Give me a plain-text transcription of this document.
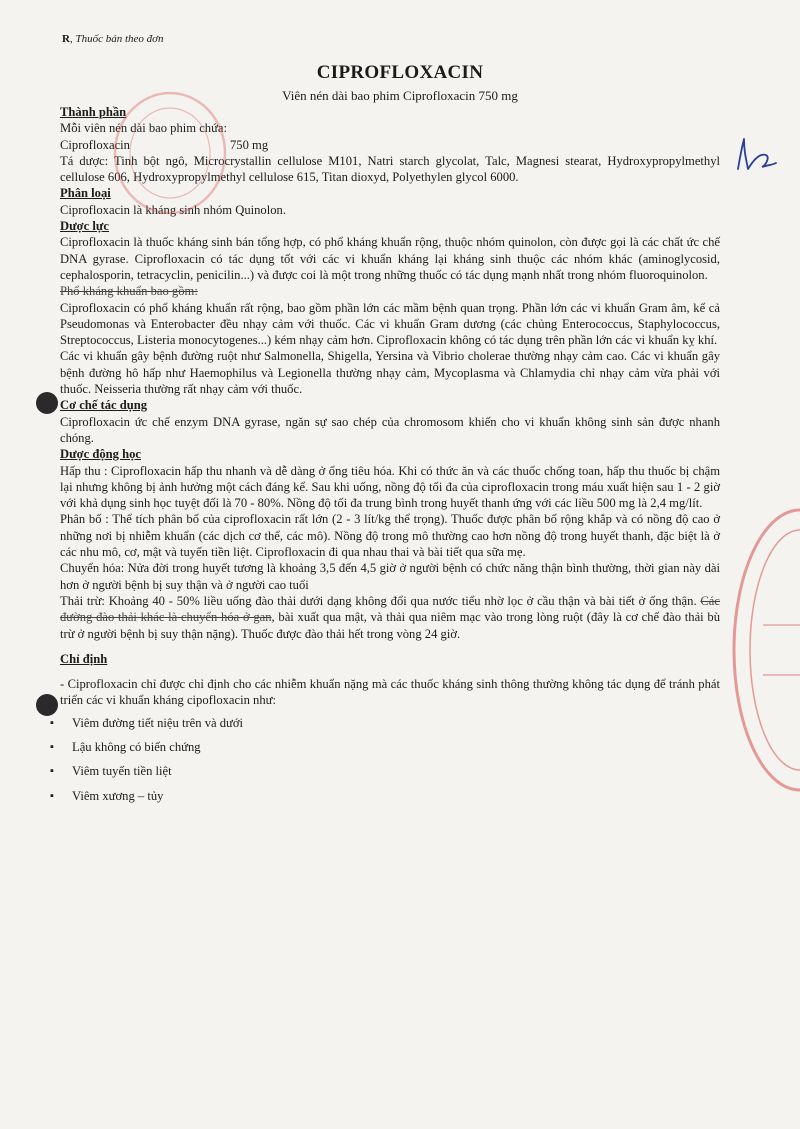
R, Thuốc bán theo đơn
CIPROFLOXACIN
Viên nén dài bao phim Ciprofloxacin 750 mg

Thành phần

Mỗi viên nén dài bao phim chứa:

Ciprofloxacin	750 mg

Tá dược: Tinh bột ngô, Microcrystallin cellulose M101, Natri starch glycolat, Talc, Magnesi stearat, Hydroxypropylmethyl cellulose 606, Hydroxypropylmethyl cellulose 615, Titan dioxyd, Polyethylen glycol 6000.

Phân loại

Ciprofloxacin là kháng sinh nhóm Quinolon.

Dược lực

Ciprofloxacin là thuốc kháng sinh bán tổng hợp, có phổ kháng khuẩn rộng, thuộc nhóm quinolon, còn được gọi là các chất ức chế DNA gyrase. Ciprofloxacin có tác dụng tốt với các vi khuẩn kháng lại kháng sinh thuộc các nhóm khác (aminoglycosid, cephalosporin, tetracyclin, penicilin...) và được coi là một trong những thuốc có tác dụng mạnh nhất trong nhóm fluoroquinolon.

Phổ kháng khuẩn bao gồm:

Ciprofloxacin có phổ kháng khuẩn rất rộng, bao gồm phần lớn các mầm bệnh quan trọng. Phần lớn các vi khuẩn Gram âm, kể cả Pseudomonas và Enterobacter đều nhạy cảm với thuốc. Các vi khuẩn Gram dương (các chủng Enterococcus, Staphylococcus, Streptococcus, Listeria monocytogenes...) kém nhạy cảm hơn. Ciprofloxacin không có tác dụng trên phần lớn các vi khuẩn kỵ khí.

Các vi khuẩn gây bệnh đường ruột như Salmonella, Shigella, Yersina và Vibrio cholerae thường nhạy cảm cao. Các vi khuẩn gây bệnh đường hô hấp như Haemophilus và Legionella thường nhạy cảm, Mycoplasma và Chlamydia chỉ nhạy cảm vừa phải với thuốc. Neisseria thường rất nhạy cảm với thuốc.

Cơ chế tác dụng

Ciprofloxacin ức chế enzym DNA gyrase, ngăn sự sao chép của chromosom khiến cho vi khuẩn không sinh sản được nhanh chóng.

Dược động học

Hấp thu : Ciprofloxacin hấp thu nhanh và dễ dàng ở ống tiêu hóa. Khi có thức ăn và các thuốc chống toan, hấp thu thuốc bị chậm lại nhưng không bị ảnh hưởng một cách đáng kể. Sau khi uống, nồng độ tối đa của ciprofloxacin trong máu xuất hiện sau 1 - 2 giờ với khả dụng sinh học tuyệt đối là 70 - 80%. Nồng độ tối đa trung bình trong huyết thanh ứng với các liều 500 mg là 2,4 mg/lít.

Phân bố : Thể tích phân bố của ciprofloxacin rất lớn (2 - 3 lít/kg thể trọng). Thuốc được phân bố rộng khắp và có nồng độ cao ở những nơi bị nhiễm khuẩn (các dịch cơ thể, các mô). Nồng độ trong mô thường cao hơn nồng độ trong huyết thanh, đặc biệt là ở các nhu mô, cơ, mật và tuyến tiền liệt. Ciprofloxacin đi qua nhau thai và bài tiết qua sữa mẹ.

Chuyển hóa: Nửa đời trong huyết tương là khoảng 3,5 đến 4,5 giờ ở người bệnh có chức năng thận bình thường, thời gian này dài hơn ở người bệnh bị suy thận và ở người cao tuổi

Thải trừ: Khoảng 40 - 50% liều uống đào thải dưới dạng không đổi qua nước tiểu nhờ lọc ở cầu thận và bài tiết ở ống thận. Các đường đào thải khác là chuyển hóa ở gan, bài xuất qua mật, và thải qua niêm mạc vào trong lòng ruột (đây là cơ chế đào thải bù trừ ở người bệnh bị suy thận nặng). Thuốc được đào thải hết trong vòng 24 giờ.

Chỉ định

- Ciprofloxacin chỉ được chỉ định cho các nhiễm khuẩn nặng mà các thuốc kháng sinh thông thường không tác dụng để tránh phát triển các vi khuẩn kháng cipofloxacin như:

▪ Viêm đường tiết niệu trên và dưới
▪ Lậu không có biến chứng
▪ Viêm tuyến tiền liệt
▪ Viêm xương – tủy
